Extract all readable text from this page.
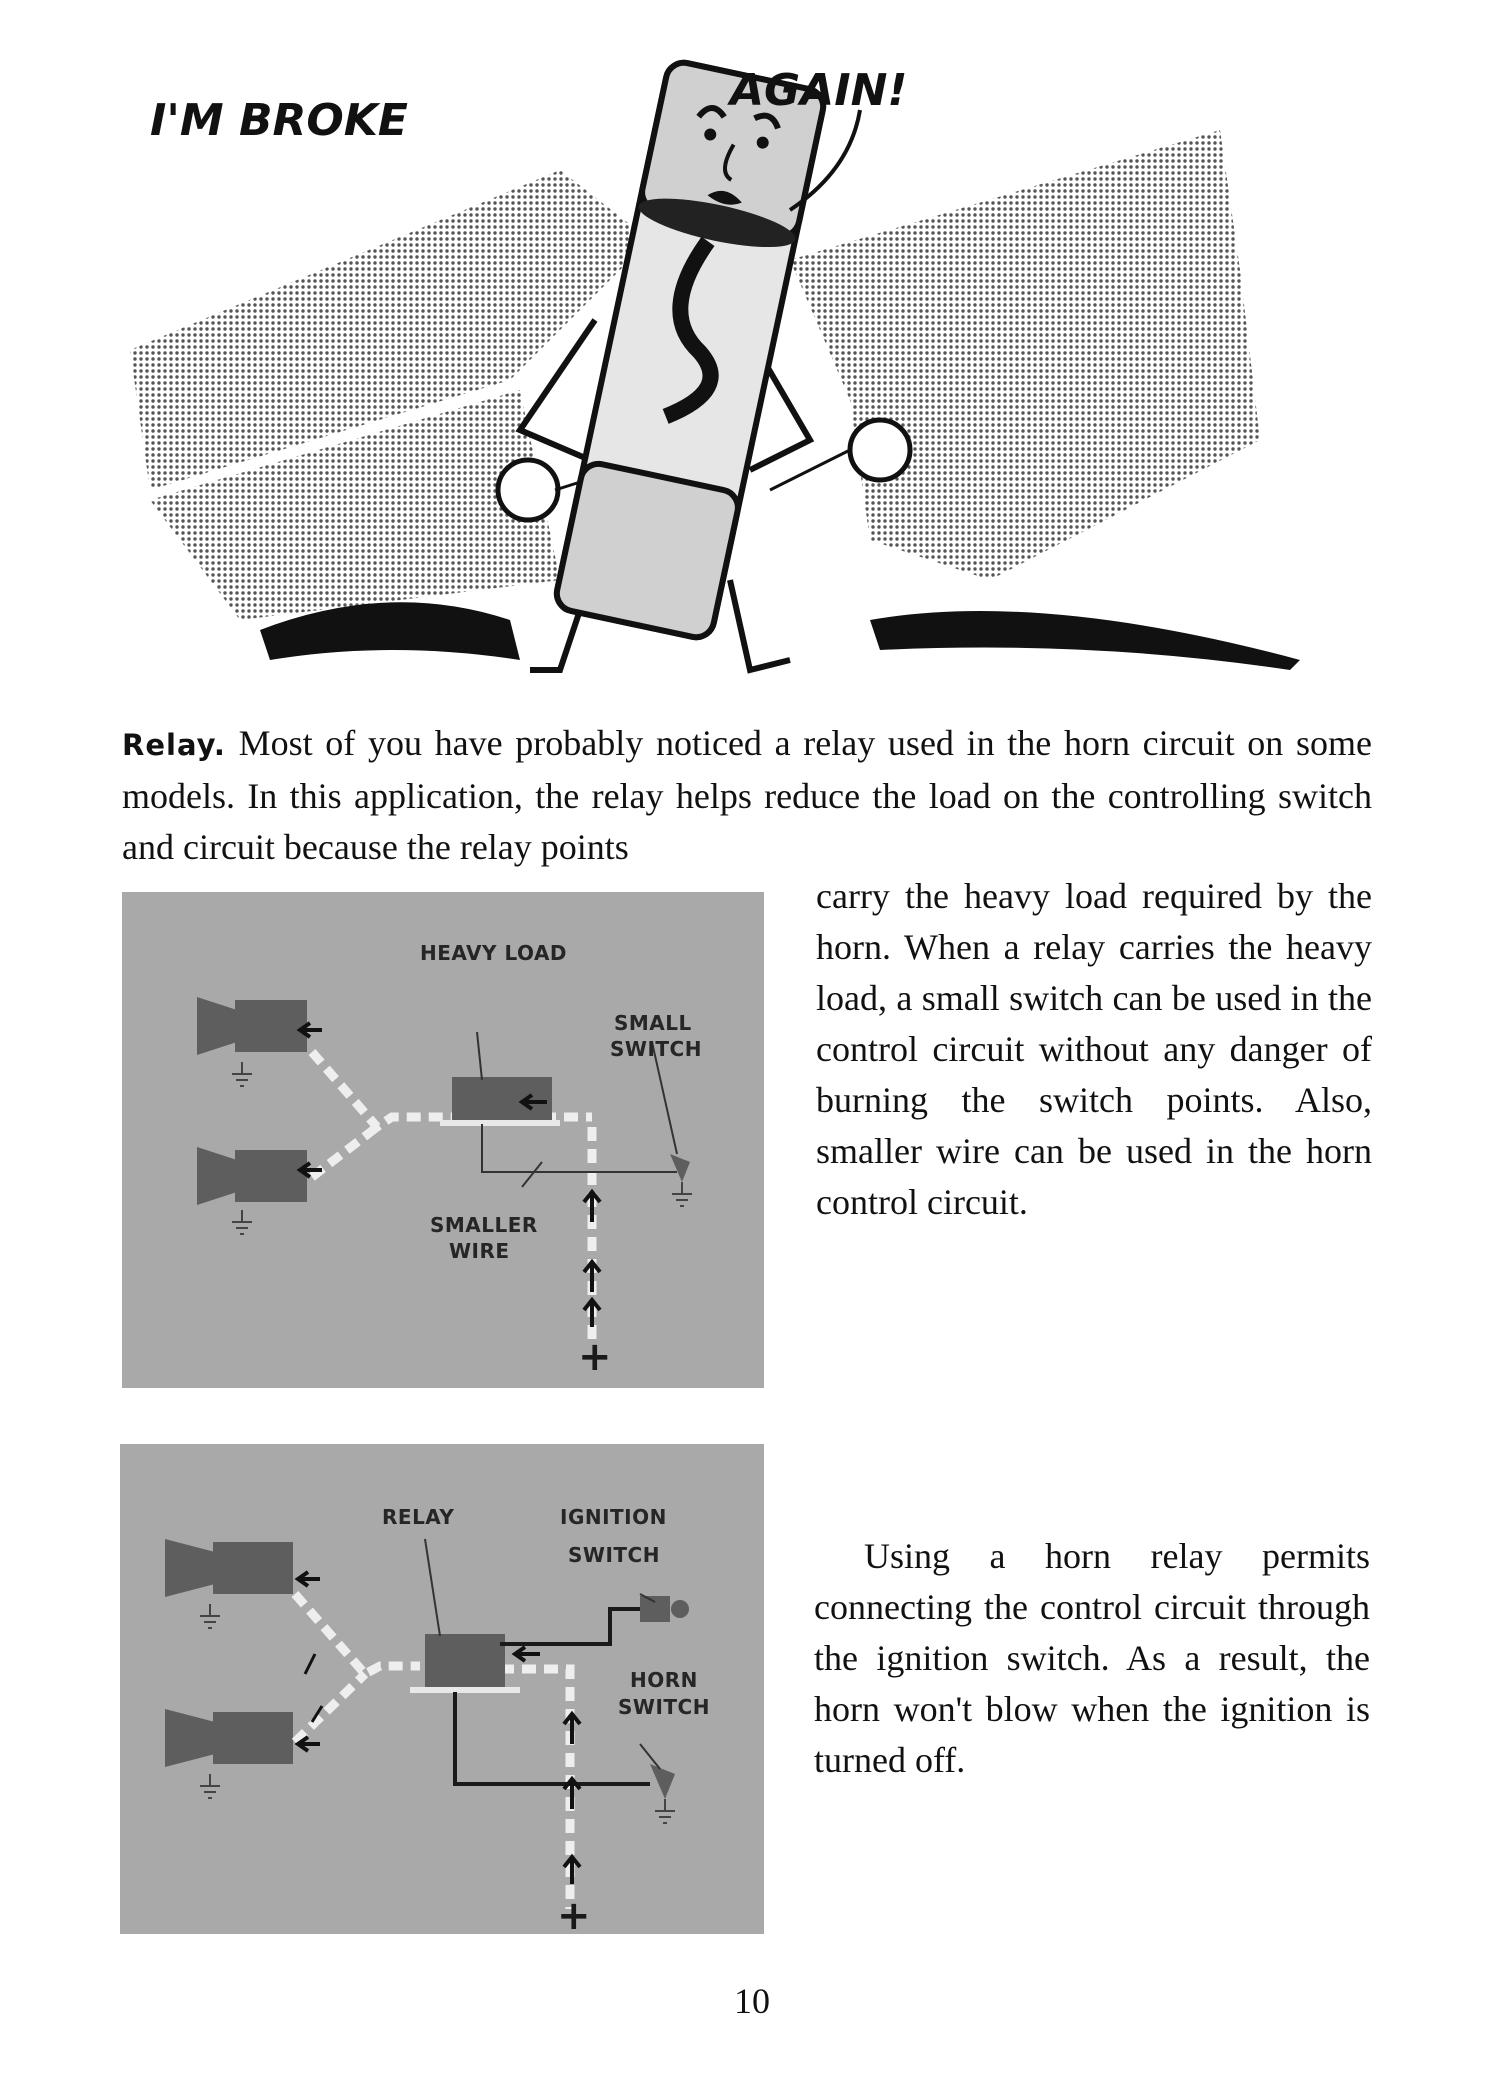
I'M BROKE
AGAIN!
Relay. Most of you have probably noticed a relay used in the horn circuit on some models. In this application, the relay helps reduce the load on the controlling switch and circuit because the relay points
carry the heavy load required by the horn. When a relay carries the heavy load, a small switch can be used in the control circuit without any danger of burning the switch points. Also, smaller wire can be used in the horn control circuit.
HEAVY LOAD
SMALL
SWITCH
SMALLER
WIRE
+
RELAY	IGNITION
SWITCH
HORN
SWITCH
+
Using a horn relay permits connecting the control circuit through the ignition switch. As a result, the horn won't blow when the ignition is turned off.
10
